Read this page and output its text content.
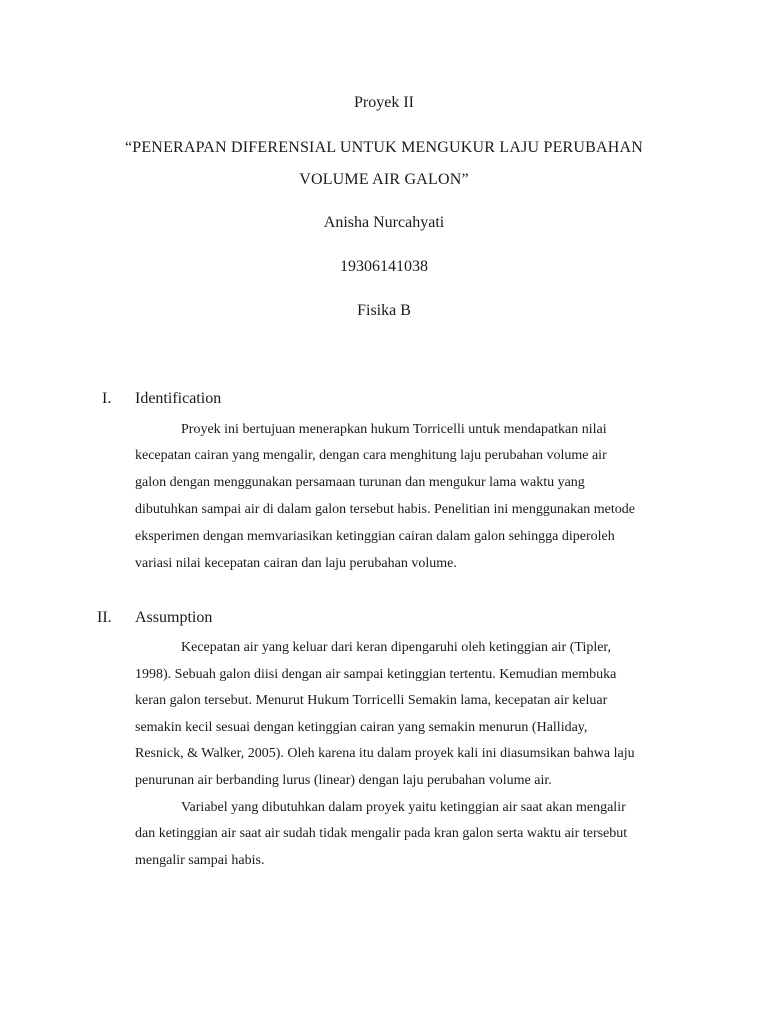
Proyek II
“PENERAPAN DIFERENSIAL UNTUK MENGUKUR LAJU PERUBAHAN
VOLUME AIR GALON”
Anisha Nurcahyati
19306141038
Fisika B
I. Identification
Proyek ini bertujuan menerapkan hukum Torricelli untuk mendapatkan nilai
kecepatan cairan yang mengalir, dengan cara menghitung laju perubahan volume air
galon dengan menggunakan persamaan turunan dan mengukur lama waktu yang
dibutuhkan sampai air di dalam galon tersebut habis. Penelitian ini menggunakan metode
eksperimen dengan memvariasikan ketinggian cairan dalam galon sehingga diperoleh
variasi nilai kecepatan cairan dan laju perubahan volume.
II. Assumption
Kecepatan air yang keluar dari keran dipengaruhi oleh ketinggian air (Tipler,
1998). Sebuah galon diisi dengan air sampai ketinggian tertentu. Kemudian membuka
keran galon tersebut. Menurut Hukum Torricelli Semakin lama, kecepatan air keluar
semakin kecil sesuai dengan ketinggian cairan yang semakin menurun (Halliday,
Resnick, & Walker, 2005). Oleh karena itu dalam proyek kali ini diasumsikan bahwa laju
penurunan air berbanding lurus (linear) dengan laju perubahan volume air.
Variabel yang dibutuhkan dalam proyek yaitu ketinggian air saat akan mengalir
dan ketinggian air saat air sudah tidak mengalir pada kran galon serta waktu air tersebut
mengalir sampai habis.
